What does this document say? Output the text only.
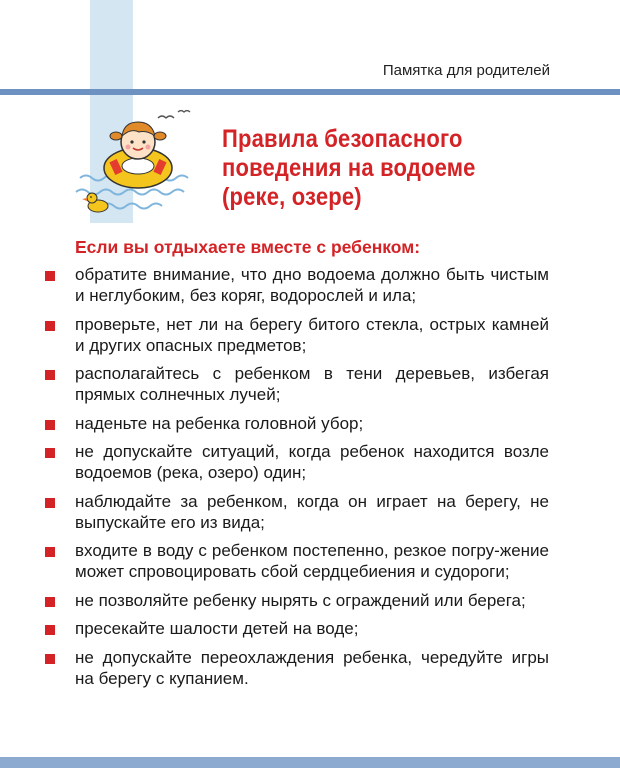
Памятка для родителей
Правила безопасного
поведения на водоеме
(реке, озере)
Если вы отдыхаете вместе с ребенком:
обратите внимание, что дно водоема должно быть чистым и неглубоким, без коряг, водорослей и ила;
проверьте, нет ли на берегу битого стекла, острых камней и других опасных предметов;
располагайтесь с ребенком в тени деревьев, избегая прямых солнечных лучей;
наденьте на ребенка головной убор;
не допускайте ситуаций, когда ребенок находится возле водоемов (река, озеро) один;
наблюдайте за ребенком, когда он играет на берегу, не выпускайте его из вида;
входите в воду с ребенком постепенно, резкое погру-жение может спровоцировать сбой сердцебиения и судороги;
не позволяйте ребенку нырять с ограждений или берега;
пресекайте шалости детей на воде;
не допускайте переохлаждения ребенка, чередуйте игры на берегу с купанием.
